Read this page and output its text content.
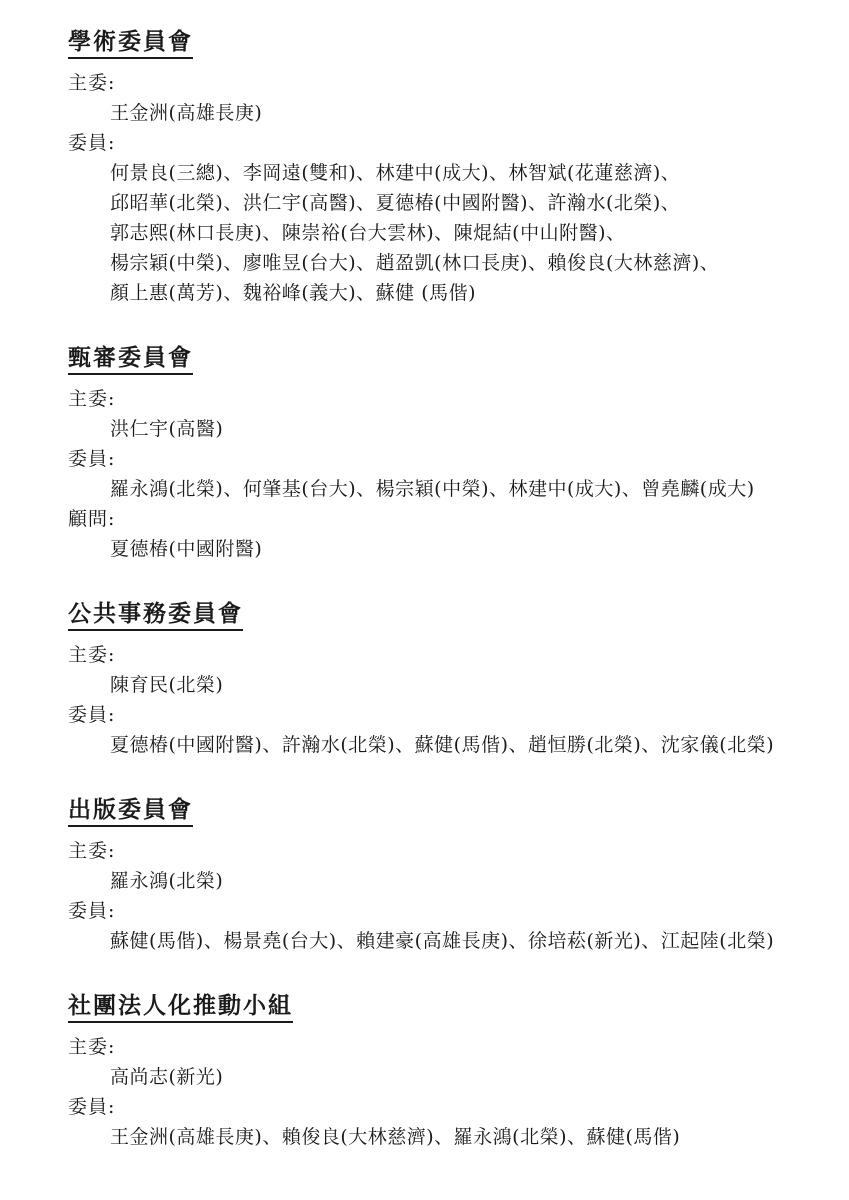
學術委員會
主委:
王金洲(高雄長庚)
委員:
何景良(三總)、李岡遠(雙和)、林建中(成大)、林智斌(花蓮慈濟)、
邱昭華(北榮)、洪仁宇(高醫)、夏德椿(中國附醫)、許瀚水(北榮)、
郭志熙(林口長庚)、陳崇裕(台大雲林)、陳焜結(中山附醫)、
楊宗穎(中榮)、廖唯昱(台大)、趙盈凱(林口長庚)、賴俊良(大林慈濟)、
顏上惠(萬芳)、魏裕峰(義大)、蘇健 (馬偕)
甄審委員會
主委:
洪仁宇(高醫)
委員:
羅永鴻(北榮)、何肇基(台大)、楊宗穎(中榮)、林建中(成大)、曾堯麟(成大)
顧問:
夏德椿(中國附醫)
公共事務委員會
主委:
陳育民(北榮)
委員:
夏德椿(中國附醫)、許瀚水(北榮)、蘇健(馬偕)、趙恒勝(北榮)、沈家儀(北榮)
出版委員會
主委:
羅永鴻(北榮)
委員:
蘇健(馬偕)、楊景堯(台大)、賴建豪(高雄長庚)、徐培菘(新光)、江起陸(北榮)
社團法人化推動小組
主委:
高尚志(新光)
委員:
王金洲(高雄長庚)、賴俊良(大林慈濟)、羅永鴻(北榮)、蘇健(馬偕)
